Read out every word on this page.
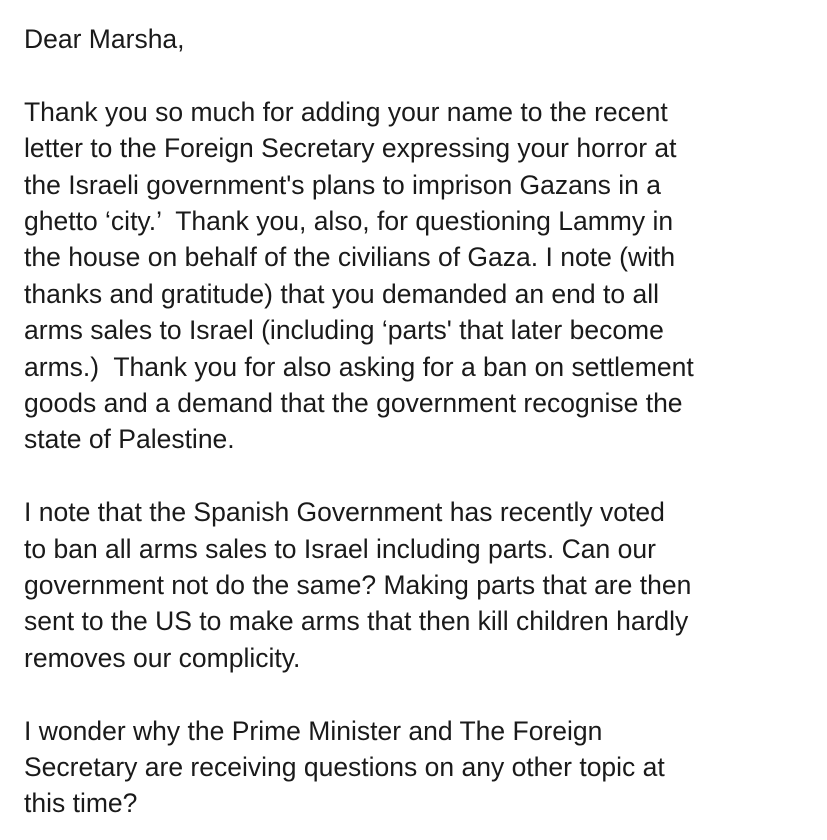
Dear Marsha,
Thank you so much for adding your name to the recent
letter to the Foreign Secretary expressing your horror at
the Israeli government's plans to imprison Gazans in a
ghetto ‘city.’  Thank you, also, for questioning Lammy in
the house on behalf of the civilians of Gaza. I note (with
thanks and gratitude) that you demanded an end to all
arms sales to Israel (including ‘parts' that later become
arms.)  Thank you for also asking for a ban on settlement
goods and a demand that the government recognise the
state of Palestine.
I note that the Spanish Government has recently voted
to ban all arms sales to Israel including parts. Can our
government not do the same? Making parts that are then
sent to the US to make arms that then kill children hardly
removes our complicity.
I wonder why the Prime Minister and The Foreign
Secretary are receiving questions on any other topic at
this time?
